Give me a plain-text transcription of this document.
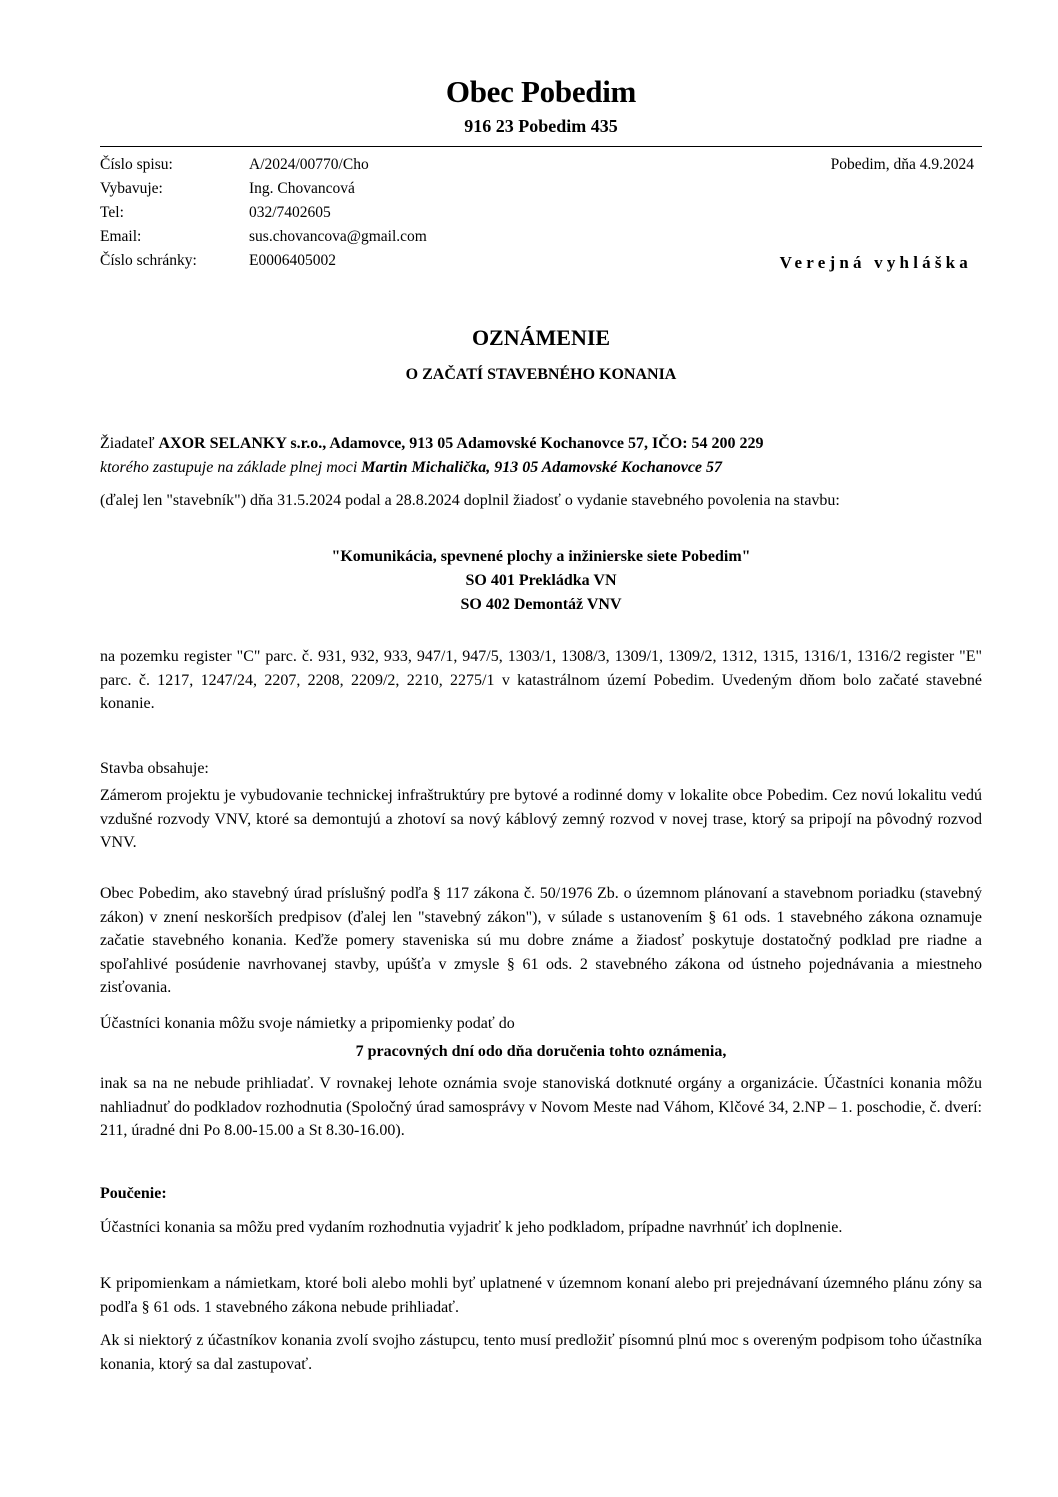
Obec Pobedim
916 23 Pobedim 435
Číslo spisu:	A/2024/00770/Cho
Vybavuje:	Ing. Chovancová
Tel:	032/7402605
Email:	sus.chovancova@gmail.com
Číslo schránky:	E0006405002
Pobedim, dňa 4.9.2024
Verejná vyhláška
OZNÁMENIE
O ZAČATÍ STAVEBNÉHO KONANIA
Žiadateľ AXOR SELANKY s.r.o., Adamovce, 913 05 Adamovské Kochanovce 57, IČO: 54 200 229
ktorého zastupuje na základe plnej moci Martin Michalička, 913 05 Adamovské Kochanovce 57
(ďalej len "stavebník") dňa 31.5.2024 podal a 28.8.2024 doplnil žiadosť o vydanie stavebného povolenia na stavbu:
"Komunikácia, spevnené plochy a inžinierske siete Pobedim"
SO 401 Prekládka VN
SO 402 Demontáž VNV
na pozemku register "C" parc. č. 931, 932, 933, 947/1, 947/5, 1303/1, 1308/3, 1309/1, 1309/2, 1312, 1315, 1316/1, 1316/2 register "E" parc. č. 1217, 1247/24, 2207, 2208, 2209/2, 2210, 2275/1 v katastrálnom území Pobedim. Uvedeným dňom bolo začaté stavebné konanie.
Stavba obsahuje:
Zámerom projektu je vybudovanie technickej infraštruktúry pre bytové a rodinné domy v lokalite obce Pobedim. Cez novú lokalitu vedú vzdušné rozvody VNV, ktoré sa demontujú a zhotoví sa nový káblový zemný rozvod v novej trase, ktorý sa pripojí na pôvodný rozvod VNV.
Obec Pobedim, ako stavebný úrad príslušný podľa § 117 zákona č. 50/1976 Zb. o územnom plánovaní a stavebnom poriadku (stavebný zákon) v znení neskorších predpisov (ďalej len "stavebný zákon"), v súlade s ustanovením § 61 ods. 1 stavebného zákona oznamuje začatie stavebného konania. Keďže pomery staveniska sú mu dobre známe a žiadosť poskytuje dostatočný podklad pre riadne a spoľahlivé posúdenie navrhovanej stavby, upúšťa v zmysle § 61 ods. 2 stavebného zákona od ústneho pojednávania a miestneho zisťovania.
Účastníci konania môžu svoje námietky a pripomienky podať do
7 pracovných dní odo dňa doručenia tohto oznámenia,
inak sa na ne nebude prihliadať. V rovnakej lehote oznámia svoje stanoviská dotknuté orgány a organizácie. Účastníci konania môžu nahliadnuť do podkladov rozhodnutia (Spoločný úrad samosprávy v Novom Meste nad Váhom, Klčové 34, 2.NP – 1. poschodie, č. dverí: 211, úradné dni Po 8.00-15.00 a St 8.30-16.00).
Poučenie:
Účastníci konania sa môžu pred vydaním rozhodnutia vyjadriť k jeho podkladom, prípadne navrhnúť ich doplnenie.
K pripomienkam a námietkam, ktoré boli alebo mohli byť uplatnené v územnom konaní alebo pri prejednávaní územného plánu zóny sa podľa § 61 ods. 1 stavebného zákona nebude prihliadať.
Ak si niektorý z účastníkov konania zvolí svojho zástupcu, tento musí predložiť písomnú plnú moc s overeným podpisom toho účastníka konania, ktorý sa dal zastupovať.
